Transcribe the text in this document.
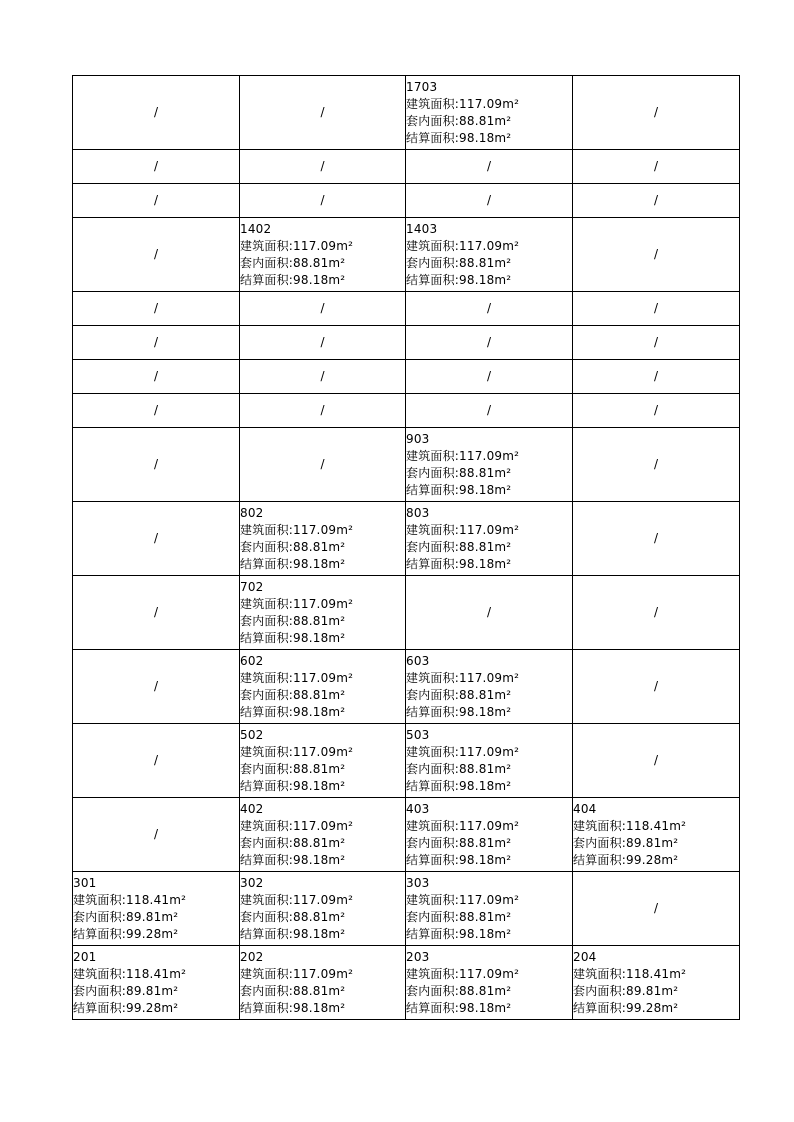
/	/	1703
建筑面积:117.09m²
套内面积:88.81m²
结算面积:98.18m²	/
/	/	/	/
/	/	/	/
/	1402
建筑面积:117.09m²
套内面积:88.81m²
结算面积:98.18m²	1403
建筑面积:117.09m²
套内面积:88.81m²
结算面积:98.18m²	/
/	/	/	/
/	/	/	/
/	/	/	/
/	/	/	/
/	/	903
建筑面积:117.09m²
套内面积:88.81m²
结算面积:98.18m²	/
/	802
建筑面积:117.09m²
套内面积:88.81m²
结算面积:98.18m²	803
建筑面积:117.09m²
套内面积:88.81m²
结算面积:98.18m²	/
/	702
建筑面积:117.09m²
套内面积:88.81m²
结算面积:98.18m²	/	/
/	602
建筑面积:117.09m²
套内面积:88.81m²
结算面积:98.18m²	603
建筑面积:117.09m²
套内面积:88.81m²
结算面积:98.18m²	/
/	502
建筑面积:117.09m²
套内面积:88.81m²
结算面积:98.18m²	503
建筑面积:117.09m²
套内面积:88.81m²
结算面积:98.18m²	/
/	402
建筑面积:117.09m²
套内面积:88.81m²
结算面积:98.18m²	403
建筑面积:117.09m²
套内面积:88.81m²
结算面积:98.18m²	404
建筑面积:118.41m²
套内面积:89.81m²
结算面积:99.28m²

301
建筑面积:118.41m²
套内面积:89.81m²
结算面积:99.28m²	302
建筑面积:117.09m²
套内面积:88.81m²
结算面积:98.18m²	303
建筑面积:117.09m²
套内面积:88.81m²
结算面积:98.18m²	/

201
建筑面积:118.41m²
套内面积:89.81m²
结算面积:99.28m²	202
建筑面积:117.09m²
套内面积:88.81m²
结算面积:98.18m²	203
建筑面积:117.09m²
套内面积:88.81m²
结算面积:98.18m²	204
建筑面积:118.41m²
套内面积:89.81m²
结算面积:99.28m²
